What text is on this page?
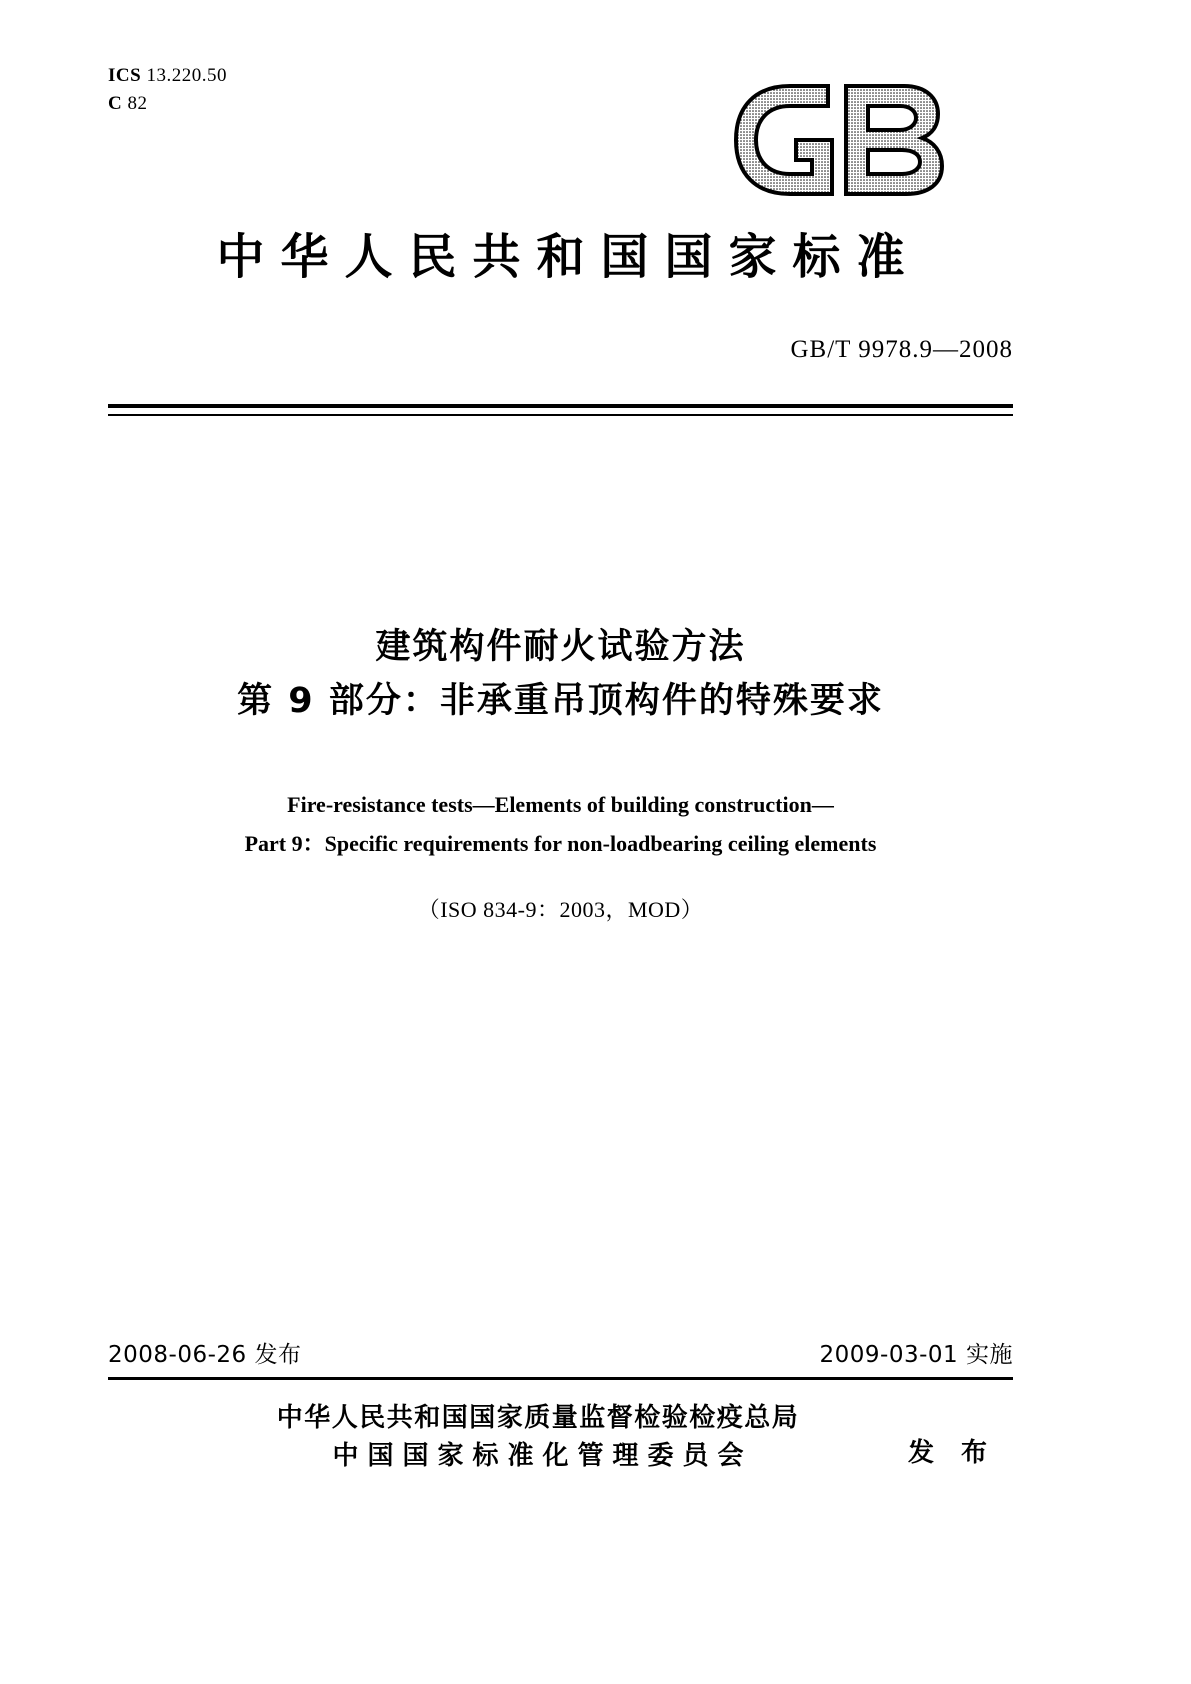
ICS 13.220.50
C 82
中华人民共和国国家标准
GB/T 9978.9—2008
建筑构件耐火试验方法
第 9 部分：非承重吊顶构件的特殊要求
Fire-resistance tests—Elements of building construction—
Part 9：Specific requirements for non-loadbearing ceiling elements
（ISO 834-9：2003，MOD）
2008-06-26 发布	2009-03-01 实施
中华人民共和国国家质量监督检验检疫总局
中国国家标准化管理委员会	发 布
